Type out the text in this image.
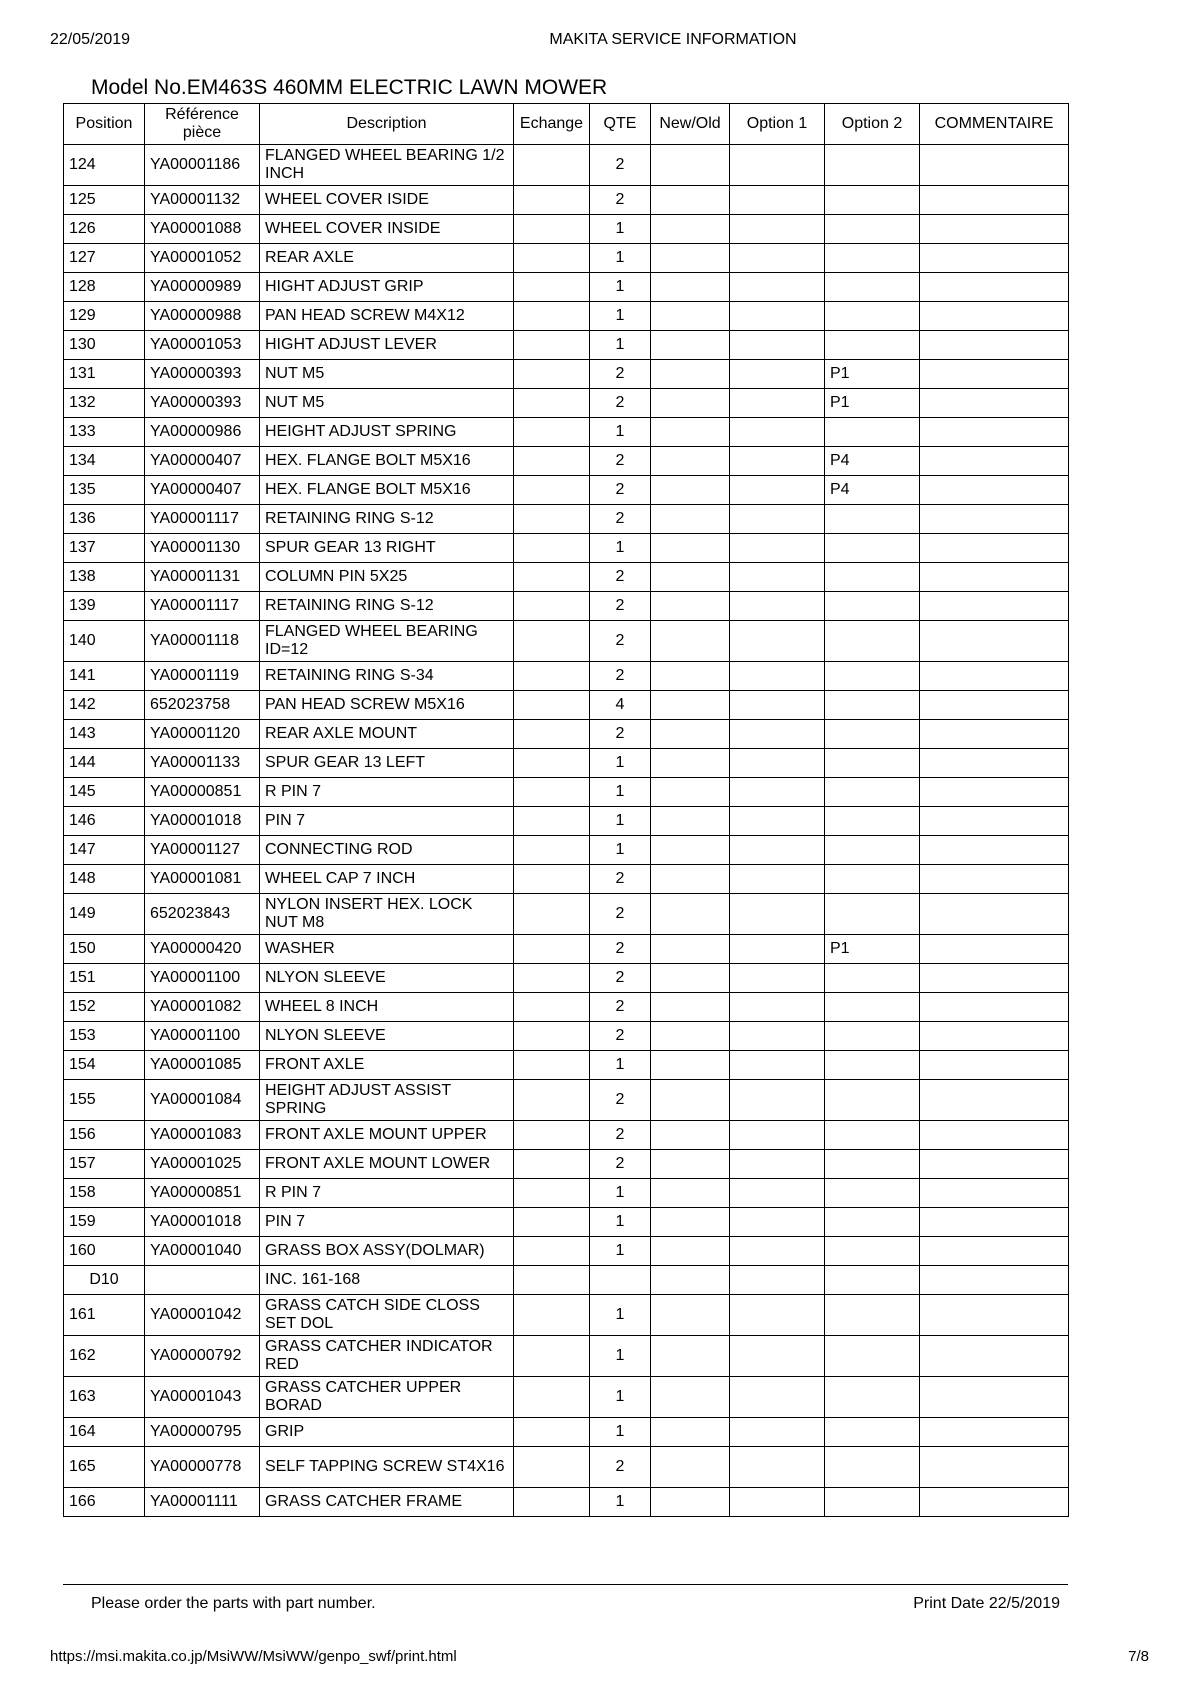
22/05/2019	MAKITA SERVICE INFORMATION
Model No.EM463S 460MM ELECTRIC LAWN MOWER
Position	Référence pièce	Description	Echange	QTE	New/Old	Option 1	Option 2	COMMENTAIRE
124	YA00001186	FLANGED WHEEL BEARING 1/2 INCH		2				
125	YA00001132	WHEEL COVER ISIDE		2				
126	YA00001088	WHEEL COVER INSIDE		1				
127	YA00001052	REAR AXLE		1				
128	YA00000989	HIGHT ADJUST GRIP		1				
129	YA00000988	PAN HEAD SCREW M4X12		1				
130	YA00001053	HIGHT ADJUST LEVER		1				
131	YA00000393	NUT M5		2			P1	
132	YA00000393	NUT M5		2			P1	
133	YA00000986	HEIGHT ADJUST SPRING		1				
134	YA00000407	HEX. FLANGE BOLT M5X16		2			P4	
135	YA00000407	HEX. FLANGE BOLT M5X16		2			P4	
136	YA00001117	RETAINING RING S-12		2				
137	YA00001130	SPUR GEAR 13 RIGHT		1				
138	YA00001131	COLUMN PIN 5X25		2				
139	YA00001117	RETAINING RING S-12		2				
140	YA00001118	FLANGED WHEEL BEARING ID=12		2				
141	YA00001119	RETAINING RING S-34		2				
142	652023758	PAN HEAD SCREW M5X16		4				
143	YA00001120	REAR AXLE MOUNT		2				
144	YA00001133	SPUR GEAR 13 LEFT		1				
145	YA00000851	R PIN 7		1				
146	YA00001018	PIN 7		1				
147	YA00001127	CONNECTING ROD		1				
148	YA00001081	WHEEL CAP 7 INCH		2				
149	652023843	NYLON INSERT HEX. LOCK NUT M8		2				
150	YA00000420	WASHER		2			P1	
151	YA00001100	NLYON SLEEVE		2				
152	YA00001082	WHEEL 8 INCH		2				
153	YA00001100	NLYON SLEEVE		2				
154	YA00001085	FRONT AXLE		1				
155	YA00001084	HEIGHT ADJUST ASSIST SPRING		2				
156	YA00001083	FRONT AXLE MOUNT UPPER		2				
157	YA00001025	FRONT AXLE MOUNT LOWER		2				
158	YA00000851	R PIN 7		1				
159	YA00001018	PIN 7		1				
160	YA00001040	GRASS BOX ASSY(DOLMAR)		1				
D10		INC. 161-168						
161	YA00001042	GRASS CATCH SIDE CLOSS SET DOL		1				
162	YA00000792	GRASS CATCHER INDICATOR RED		1				
163	YA00001043	GRASS CATCHER UPPER BORAD		1				
164	YA00000795	GRIP		1				
165	YA00000778	SELF TAPPING SCREW ST4X16		2				
166	YA00001111	GRASS CATCHER FRAME		1				
Please order the parts with part number.	Print Date 22/5/2019
https://msi.makita.co.jp/MsiWW/MsiWW/genpo_swf/print.html	7/8
